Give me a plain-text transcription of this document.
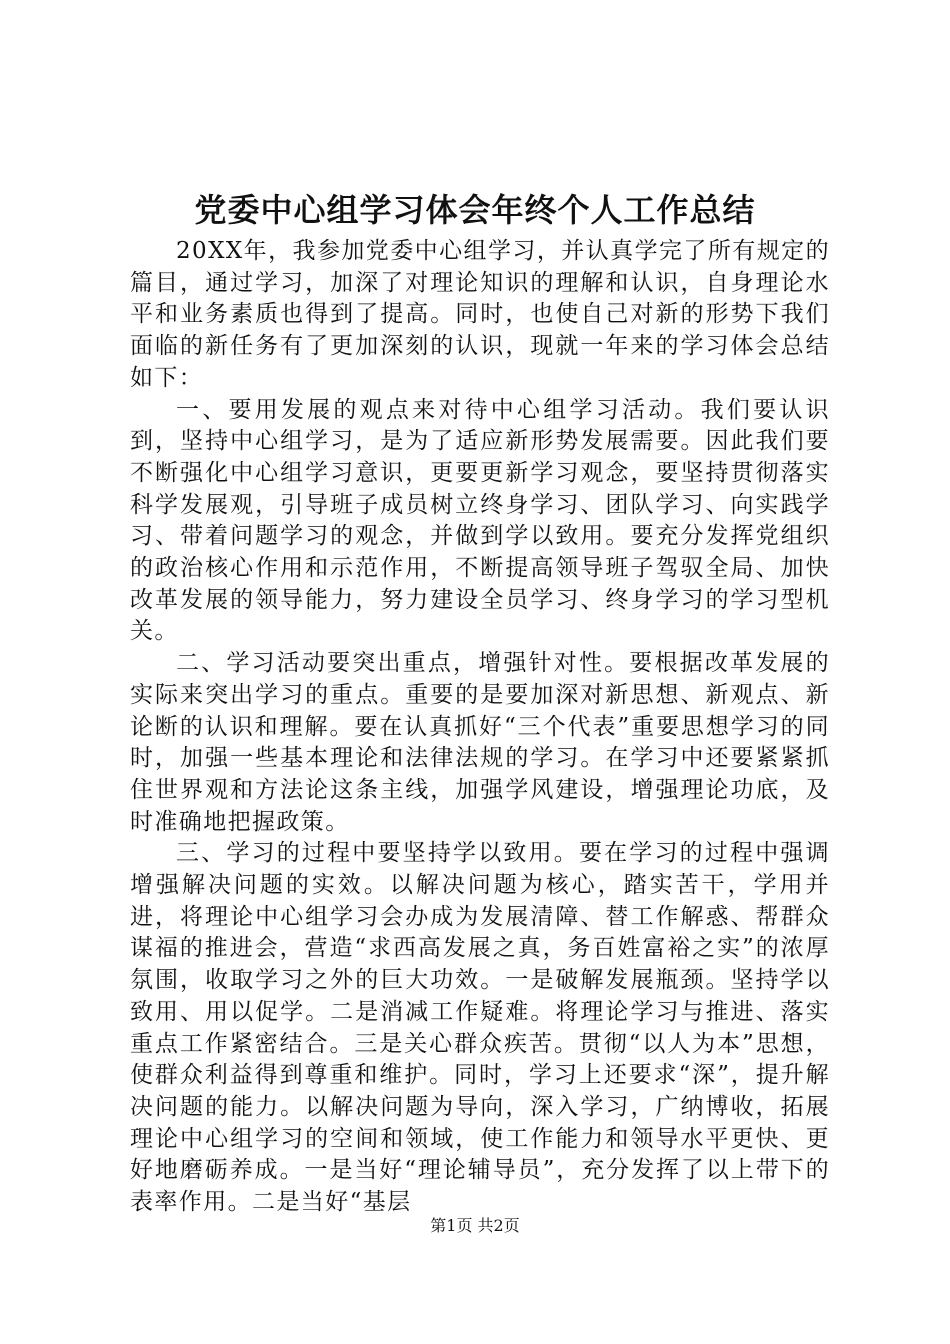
党委中心组学习体会年终个人工作总结

20XX年，我参加党委中心组学习，并认真学完了所有规定的篇目，通过学习，加深了对理论知识的理解和认识，自身理论水平和业务素质也得到了提高。同时，也使自己对新的形势下我们面临的新任务有了更加深刻的认识，现就一年来的学习体会总结如下：

一、要用发展的观点来对待中心组学习活动。我们要认识到，坚持中心组学习，是为了适应新形势发展需要。因此我们要不断强化中心组学习意识，更要更新学习观念，要坚持贯彻落实科学发展观，引导班子成员树立终身学习、团队学习、向实践学习、带着问题学习的观念，并做到学以致用。要充分发挥党组织的政治核心作用和示范作用，不断提高领导班子驾驭全局、加快改革发展的领导能力，努力建设全员学习、终身学习的学习型机关。

二、学习活动要突出重点，增强针对性。要根据改革发展的实际来突出学习的重点。重要的是要加深对新思想、新观点、新论断的认识和理解。要在认真抓好“三个代表”重要思想学习的同时，加强一些基本理论和法律法规的学习。在学习中还要紧紧抓住世界观和方法论这条主线，加强学风建设，增强理论功底，及时准确地把握政策。

三、学习的过程中要坚持学以致用。要在学习的过程中强调增强解决问题的实效。以解决问题为核心，踏实苦干，学用并进，将理论中心组学习会办成为发展清障、替工作解惑、帮群众谋福的推进会，营造“求西高发展之真，务百姓富裕之实”的浓厚氛围，收取学习之外的巨大功效。一是破解发展瓶颈。坚持学以致用、用以促学。二是消减工作疑难。将理论学习与推进、落实重点工作紧密结合。三是关心群众疾苦。贯彻“以人为本”思想，使群众利益得到尊重和维护。同时，学习上还要求“深”，提升解决问题的能力。以解决问题为导向，深入学习，广纳博收，拓展理论中心组学习的空间和领域，使工作能力和领导水平更快、更好地磨砺养成。一是当好“理论辅导员”，充分发挥了以上带下的表率作用。二是当好“基层

第1页 共2页
